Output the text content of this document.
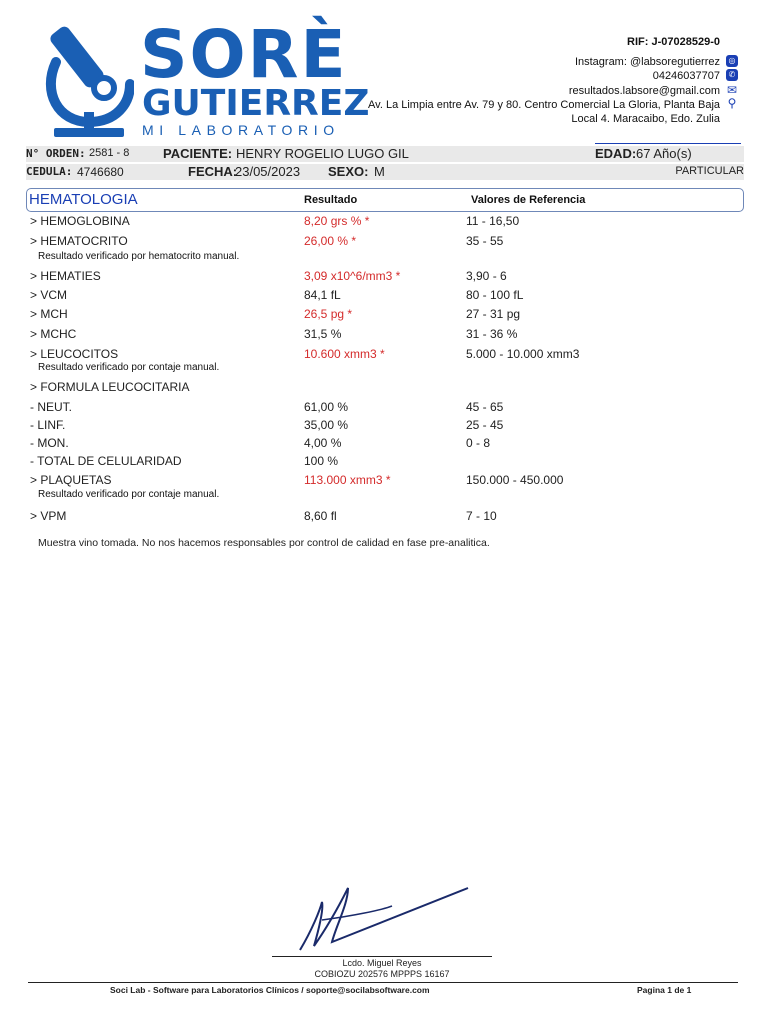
SORÈ
GUTIERREZ
MI LABORATORIO
RIF: J-07028529-0
Instagram: @labsoregutierrez	◎
04246037707	✆
resultados.labsore@gmail.com ✉
Av. La Limpia entre Av. 79 y 80. Centro Comercial La Gloria, Planta Baja ⚲
Local 4. Maracaibo, Edo. Zulia
N° ORDEN: 2581 - 8	PACIENTE: HENRY ROGELIO LUGO GIL	EDAD: 67 Año(s)
CEDULA: 4746680	FECHA:
23/05/2023 SEXO: M	PARTICULAR
HEMATOLOGIA	Resultado	Valores de Referencia
> HEMOGLOBINA	8,20 grs % *	11 - 16,50
> HEMATOCRITO	26,00 % *	35 - 55
Resultado verificado por hematocrito manual.
> HEMATIES	3,09 x10^6/mm3 *	3,90 - 6
> VCM	84,1 fL	80 - 100 fL
> MCH	26,5 pg *	27 - 31 pg
> MCHC	31,5 %	31 - 36 %
> LEUCOCITOS	10.600 xmm3 *	5.000 - 10.000 xmm3
Resultado verificado por contaje manual.
> FORMULA LEUCOCITARIA
- NEUT.	61,00 %	45 - 65
- LINF.	35,00 %	25 - 45
- MON.	4,00 %	0 - 8
- TOTAL DE CELULARIDAD	100 %
> PLAQUETAS	113.000 xmm3 *	150.000 - 450.000
Resultado verificado por contaje manual.
> VPM	8,60 fl	7 - 10
Muestra vino tomada. No nos hacemos responsables por control de calidad en fase pre-analitica.
Lcdo. Miguel Reyes
COBIOZU 202576 MPPPS 16167
Soci Lab - Software para Laboratorios Clínicos / soporte@socilabsoftware.com	Pagina 1 de 1
